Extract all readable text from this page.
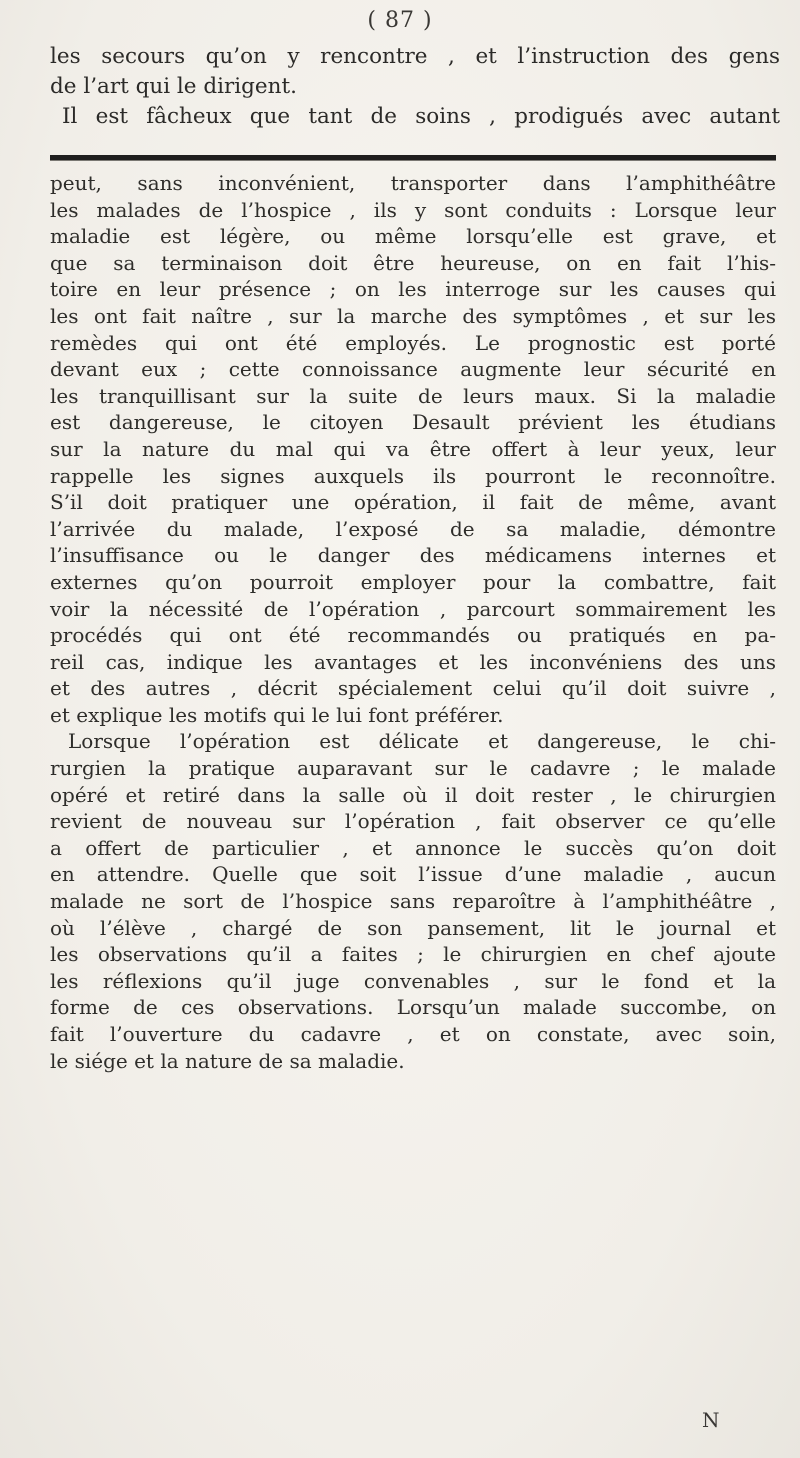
( 87 )

les secours qu’on y rencontre , et l’instruction des gens

de l’art qui le dirigent.

Il est fâcheux que tant de soins , prodigués avec autant

peut, sans inconvénient, transporter dans l’amphithéâtre
les malades de l’hospice , ils y sont conduits : Lorsque leur
maladie est légère, ou même lorsqu’elle est grave, et
que sa terminaison doit être heureuse, on en fait l’his-
toire en leur présence ; on les interroge sur les causes qui
les ont fait naître , sur la marche des symptômes , et sur les
remèdes qui ont été employés. Le prognostic est porté
devant eux ; cette connoissance augmente leur sécurité en
les tranquillisant sur la suite de leurs maux. Si la maladie
est dangereuse, le citoyen Desault prévient les étudians
sur la nature du mal qui va être offert à leur yeux, leur
rappelle les signes auxquels ils pourront le reconnoître.
S’il doit pratiquer une opération, il fait de même, avant
l’arrivée du malade, l’exposé de sa maladie, démontre
l’insuffisance ou le danger des médicamens internes et
externes qu’on pourroit employer pour la combattre, fait
voir la nécessité de l’opération , parcourt sommairement les
procédés qui ont été recommandés ou pratiqués en pa-
reil cas, indique les avantages et les inconvéniens des uns
et des autres , décrit spécialement celui qu’il doit suivre ,
et explique les motifs qui le lui font préférer.
Lorsque l’opération est délicate et dangereuse, le chi-
rurgien la pratique auparavant sur le cadavre ; le malade
opéré et retiré dans la salle où il doit rester , le chirurgien
revient de nouveau sur l’opération , fait observer ce qu’elle
a offert de particulier , et annonce le succès qu’on doit
en attendre. Quelle que soit l’issue d’une maladie , aucun
malade ne sort de l’hospice sans reparoître à l’amphithéâtre ,
où l’élève , chargé de son pansement, lit le journal et
les observations qu’il a faites ; le chirurgien en chef ajoute
les réflexions qu’il juge convenables , sur le fond et la
forme de ces observations. Lorsqu’un malade succombe, on
fait l’ouverture du cadavre , et on constate, avec soin,
le siége et la nature de sa maladie.
N
